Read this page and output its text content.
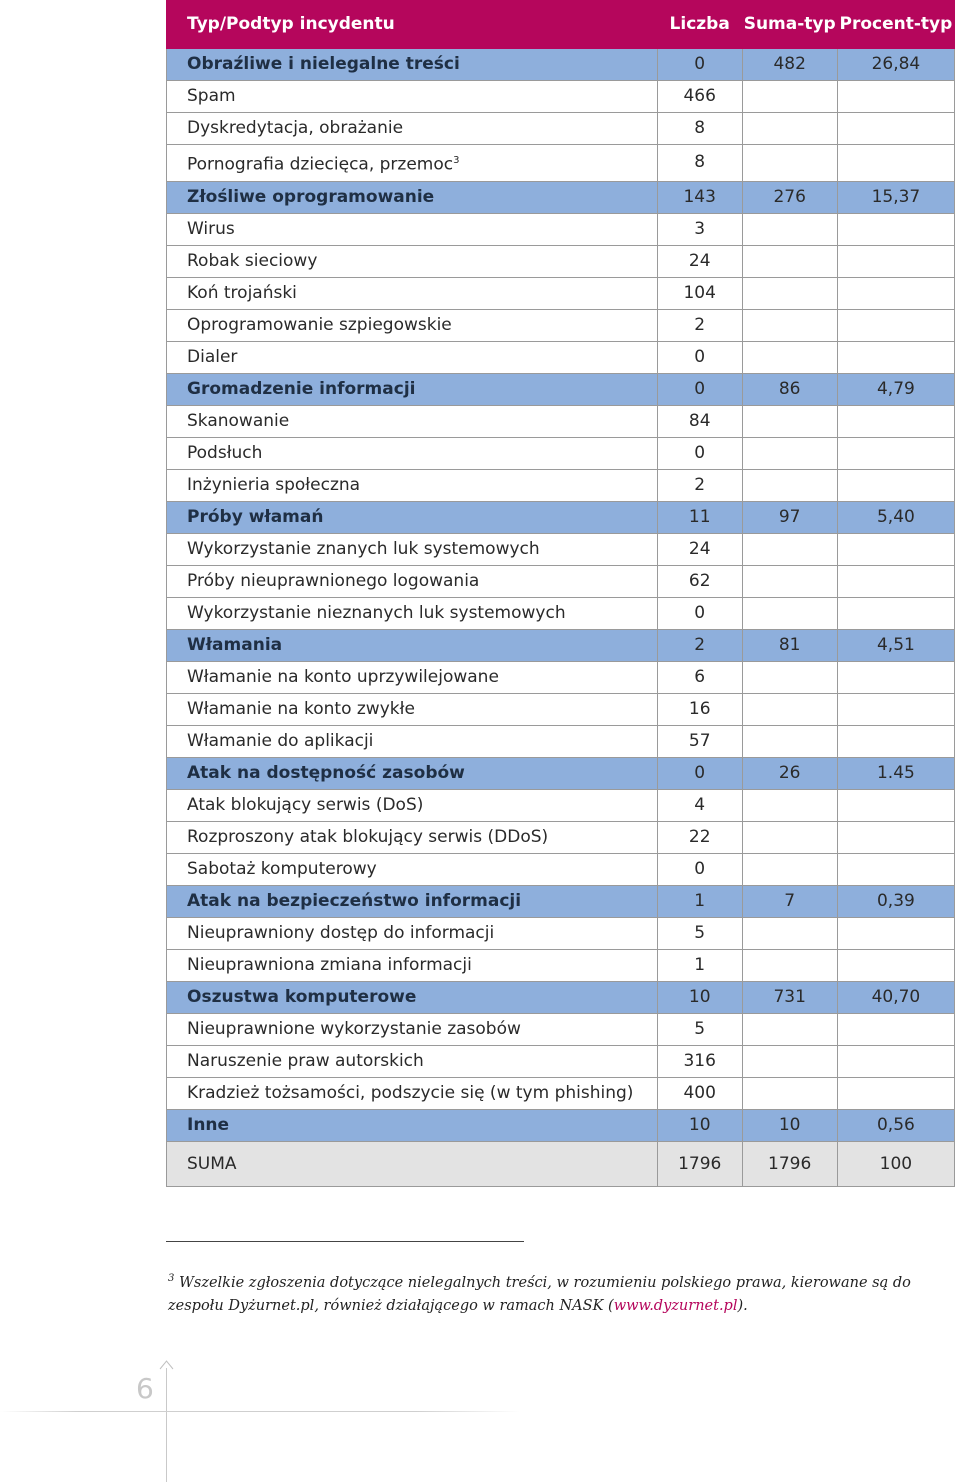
Typ/Podtyp incydentu	Liczba	Suma-typ	Procent-typ
Obraźliwe i nielegalne treści	0	482	26,84
Spam	466		
Dyskredytacja, obrażanie	8		
Pornografia dziecięca, przemoc$^3$	8		
Złośliwe oprogramowanie	143	276	15,37
Wirus	3		
Robak sieciowy	24		
Koń trojański	104		
Oprogramowanie szpiegowskie	2		
Dialer	0		
Gromadzenie informacji	0	86	4,79
Skanowanie	84		
Podsłuch	0		
Inżynieria społeczna	2		
Próby włamań	11	97	5,40
Wykorzystanie znanych luk systemowych	24		
Próby nieuprawnionego logowania	62		
Wykorzystanie nieznanych luk systemowych	0		
Włamania	2	81	4,51
Włamanie na konto uprzywilejowane	6		
Włamanie na konto zwykłe	16		
Włamanie do aplikacji	57		
Atak na dostępność zasobów	0	26	1.45
Atak blokujący serwis (DoS)	4		
Rozproszony atak blokujący serwis (DDoS)	22		
Sabotaż komputerowy	0		
Atak na bezpieczeństwo informacji	1	7	0,39
Nieuprawniony dostęp do informacji	5		
Nieuprawniona zmiana informacji	1		
Oszustwa komputerowe	10	731	40,70
Nieuprawnione wykorzystanie zasobów	5		
Naruszenie praw autorskich	316		
Kradzież tożsamości, podszycie się (w tym phishing)	400		
Inne	10	10	0,56
SUMA	1796	1796	100
$^3$ Wszelkie zgłoszenia dotyczące nielegalnych treści, w rozumieniu polskiego prawa, kierowane są do zespołu Dyżurnet.pl, również działającego w ramach NASK (www.dyzurnet.pl).
6
